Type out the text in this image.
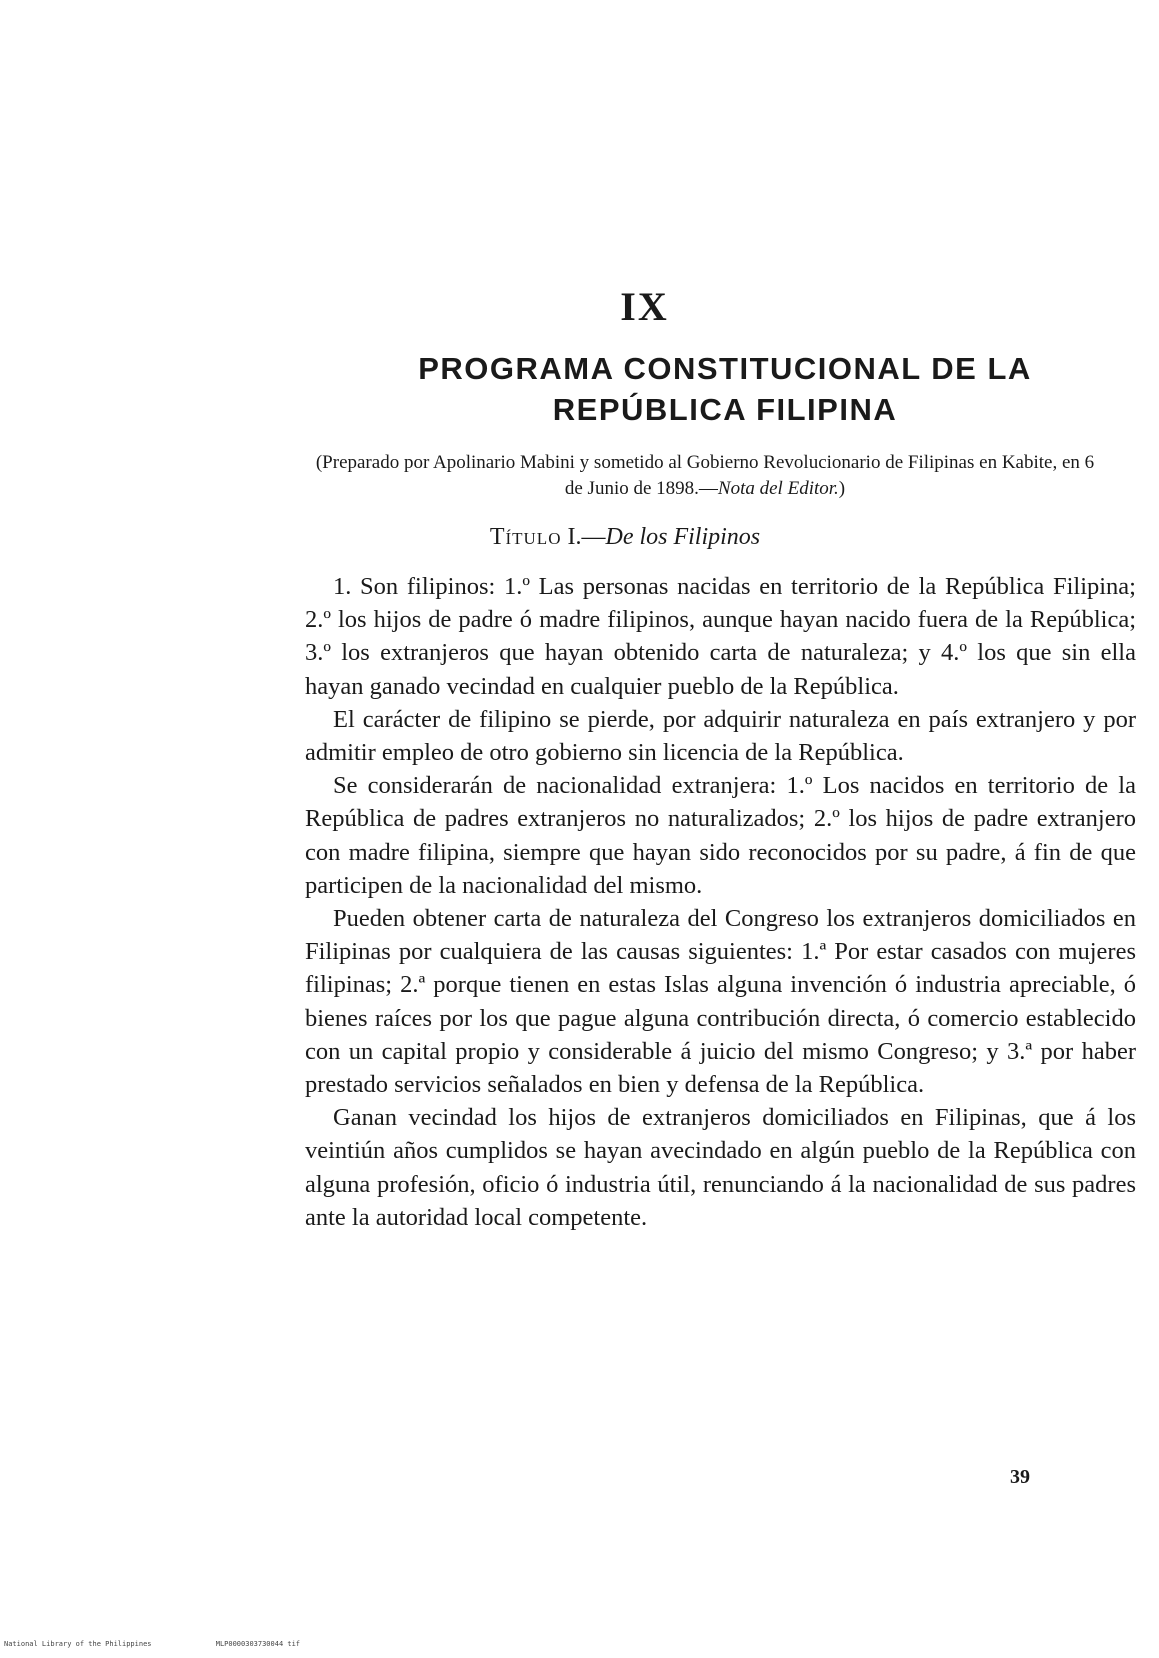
IX
PROGRAMA CONSTITUCIONAL DE LA
REPÚBLICA FILIPINA
(Preparado por Apolinario Mabini y sometido al Gobierno Revolucionario de Filipinas en Kabite, en 6 de Junio de 1898.—Nota del Editor.)
Título I.—De los Filipinos

1. Son filipinos: 1.º Las personas nacidas en territorio de la República Filipina; 2.º los hijos de padre ó madre filipinos, aunque hayan nacido fuera de la República; 3.º los extranjeros que hayan obtenido carta de naturaleza; y 4.º los que sin ella hayan ganado vecindad en cualquier pueblo de la República.

El carácter de filipino se pierde, por adquirir naturaleza en país extranjero y por admitir empleo de otro gobierno sin licencia de la República.

Se considerarán de nacionalidad extranjera: 1.º Los nacidos en territorio de la República de padres extranjeros no naturalizados; 2.º los hijos de padre extranjero con madre filipina, siempre que hayan sido reconocidos por su padre, á fin de que participen de la nacionalidad del mismo.

Pueden obtener carta de naturaleza del Congreso los extranjeros domiciliados en Filipinas por cualquiera de las causas siguientes: 1.ª Por estar casados con mujeres filipinas; 2.ª porque tienen en estas Islas alguna invención ó industria apreciable, ó bienes raíces por los que pague alguna contribución directa, ó comercio establecido con un capital propio y considerable á juicio del mismo Congreso; y 3.ª por haber prestado servicios señalados en bien y defensa de la República.

Ganan vecindad los hijos de extranjeros domiciliados en Filipinas, que á los veintiún años cumplidos se hayan avecindado en algún pueblo de la República con alguna profesión, oficio ó industria útil, renunciando á la nacionalidad de sus padres ante la autoridad local competente.

39
National Library of the Philippines	MLP0000303730044 tif
